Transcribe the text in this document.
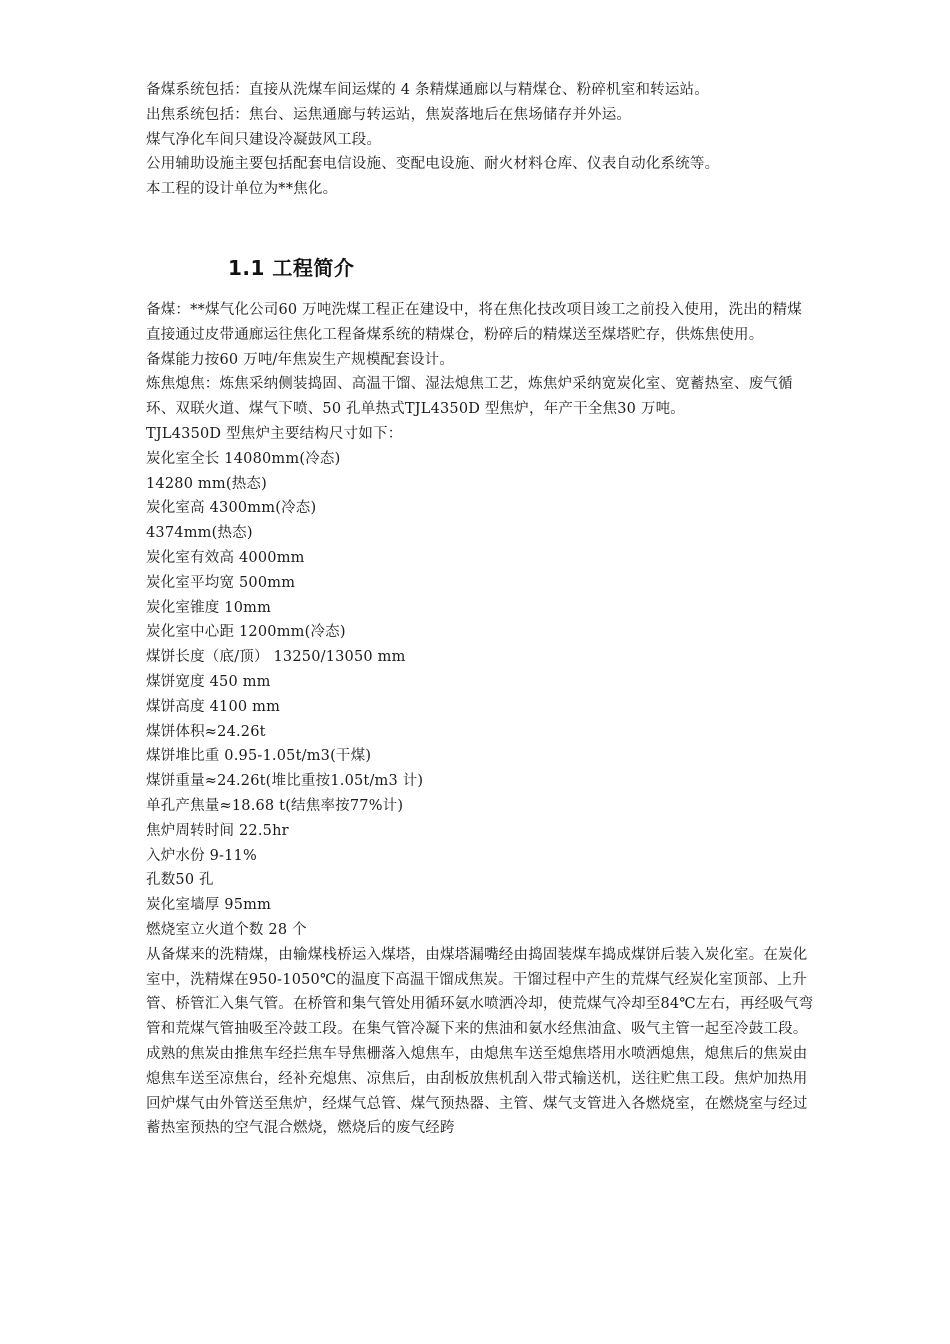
备煤系统包括：直接从洗煤车间运煤的 4 条精煤通廊以与精煤仓、粉碎机室和转运站。

出焦系统包括：焦台、运焦通廊与转运站，焦炭落地后在焦场储存并外运。

煤气净化车间只建设冷凝鼓风工段。

公用辅助设施主要包括配套电信设施、变配电设施、耐火材料仓库、仪表自动化系统等。

本工程的设计单位为**焦化。

1.1 工程简介

备煤：**煤气化公司60 万吨洗煤工程正在建设中，将在焦化技改项目竣工之前投入使用，洗出的精煤直接通过皮带通廊运往焦化工程备煤系统的精煤仓，粉碎后的精煤送至煤塔贮存，供炼焦使用。

备煤能力按60 万吨/年焦炭生产规模配套设计。

炼焦熄焦：炼焦采纳侧装捣固、高温干馏、湿法熄焦工艺，炼焦炉采纳宽炭化室、宽蓄热室、废气循环、双联火道、煤气下喷、50 孔单热式TJL4350D 型焦炉，年产干全焦30 万吨。

TJL4350D 型焦炉主要结构尺寸如下：

炭化室全长 14080mm(冷态)

14280 mm(热态)

炭化室高 4300mm(冷态)

4374mm(热态)

炭化室有效高 4000mm

炭化室平均宽 500mm

炭化室锥度 10mm

炭化室中心距 1200mm(冷态)

煤饼长度（底/顶） 13250/13050 mm

煤饼宽度 450 mm

煤饼高度 4100 mm

煤饼体积≈24.26t

煤饼堆比重 0.95-1.05t/m3(干煤)

煤饼重量≈24.26t(堆比重按1.05t/m3 计)

单孔产焦量≈18.68 t(结焦率按77%计)

焦炉周转时间 22.5hr

入炉水份 9-11%

孔数50 孔

炭化室墙厚 95mm

燃烧室立火道个数 28 个

从备煤来的洗精煤，由输煤栈桥运入煤塔，由煤塔漏嘴经由捣固装煤车捣成煤饼后装入炭化室。在炭化室中，洗精煤在950-1050℃的温度下高温干馏成焦炭。干馏过程中产生的荒煤气经炭化室顶部、上升管、桥管汇入集气管。在桥管和集气管处用循环氨水喷洒冷却，使荒煤气冷却至84℃左右，再经吸气弯管和荒煤气管抽吸至冷鼓工段。在集气管冷凝下来的焦油和氨水经焦油盒、吸气主管一起至冷鼓工段。

成熟的焦炭由推焦车经拦焦车导焦栅落入熄焦车，由熄焦车送至熄焦塔用水喷洒熄焦，熄焦后的焦炭由熄焦车送至凉焦台，经补充熄焦、凉焦后，由刮板放焦机刮入带式输送机，送往贮焦工段。焦炉加热用回炉煤气由外管送至焦炉，经煤气总管、煤气预热器、主管、煤气支管进入各燃烧室，在燃烧室与经过蓄热室预热的空气混合燃烧，燃烧后的废气经跨
